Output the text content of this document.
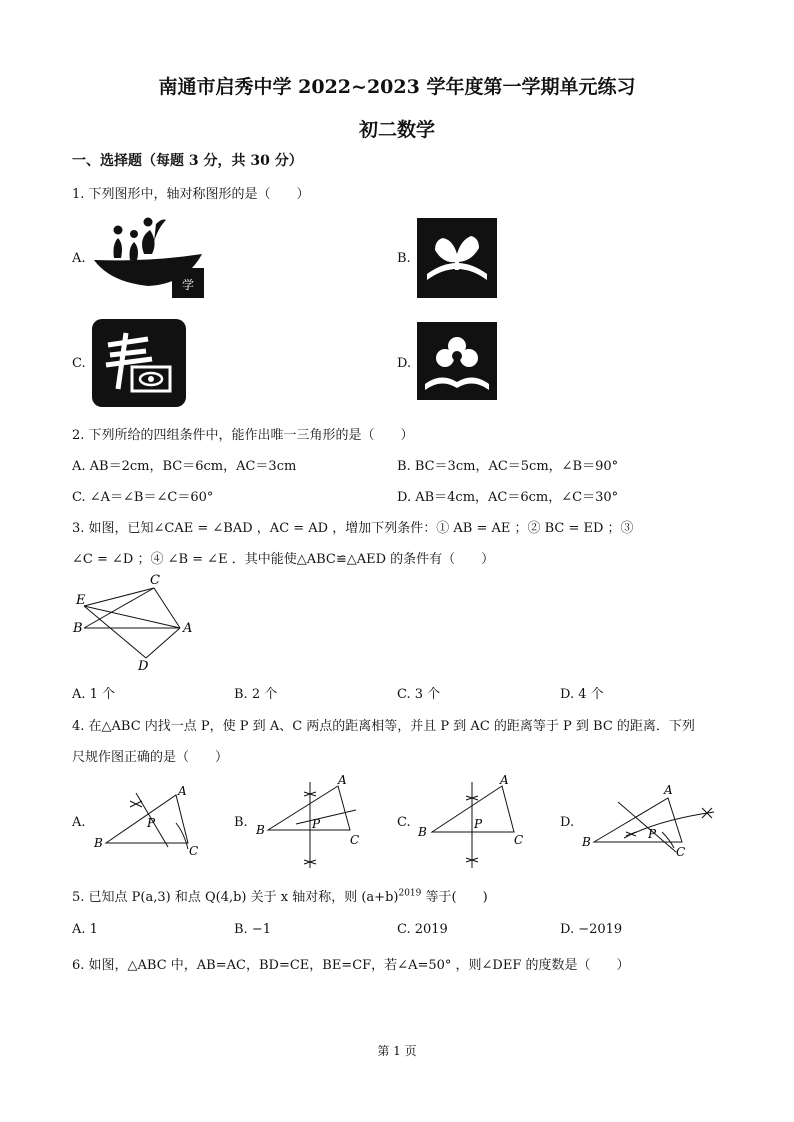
南通市启秀中学 2022~2023 学年度第一学期单元练习
初二数学
一、选择题（每题 3 分，共 30 分）
1. 下列图形中，轴对称图形的是（　　）
A.
学
B.
C.	D.
2. 下列所给的四组条件中，能作出唯一三角形的是（　　）
A. AB＝2cm，BC＝6cm，AC＝3cm	B. BC＝3cm，AC＝5cm，∠B＝90°
C. ∠A＝∠B＝∠C＝60°	D. AB＝4cm，AC＝6cm，∠C＝30°
3. 如图，已知∠CAE = ∠BAD ，AC = AD ，增加下列条件：① AB = AE ；② BC = ED ；③
∠C = ∠D ；④ ∠B = ∠E ．其中能使△ABC≌△AED 的条件有（　　）
C
E
B	A
D
A. 1 个	B. 2 个	C. 3 个	D. 4 个
4. 在△ABC 内找一点 P，使 P 到 A、C 两点的距离相等，并且 P 到 AC 的距离等于 P 到 BC 的距离．下列
尺规作图正确的是（　　）
A.
A
B
C
P	B.
A
B
C
P	C.
A
B
C
P	D.
A
B
C
P
5. 已知点 P(a,3) 和点 Q(4,b) 关于 x 轴对称，则 $(a+b)^{2019}$ 等于(　　)
A. 1	B. −1	C. 2019	D. −2019
6. 如图，△ABC 中，AB=AC，BD=CE，BE=CF，若∠A=50° ，则∠DEF 的度数是（　　）
第 1 页
